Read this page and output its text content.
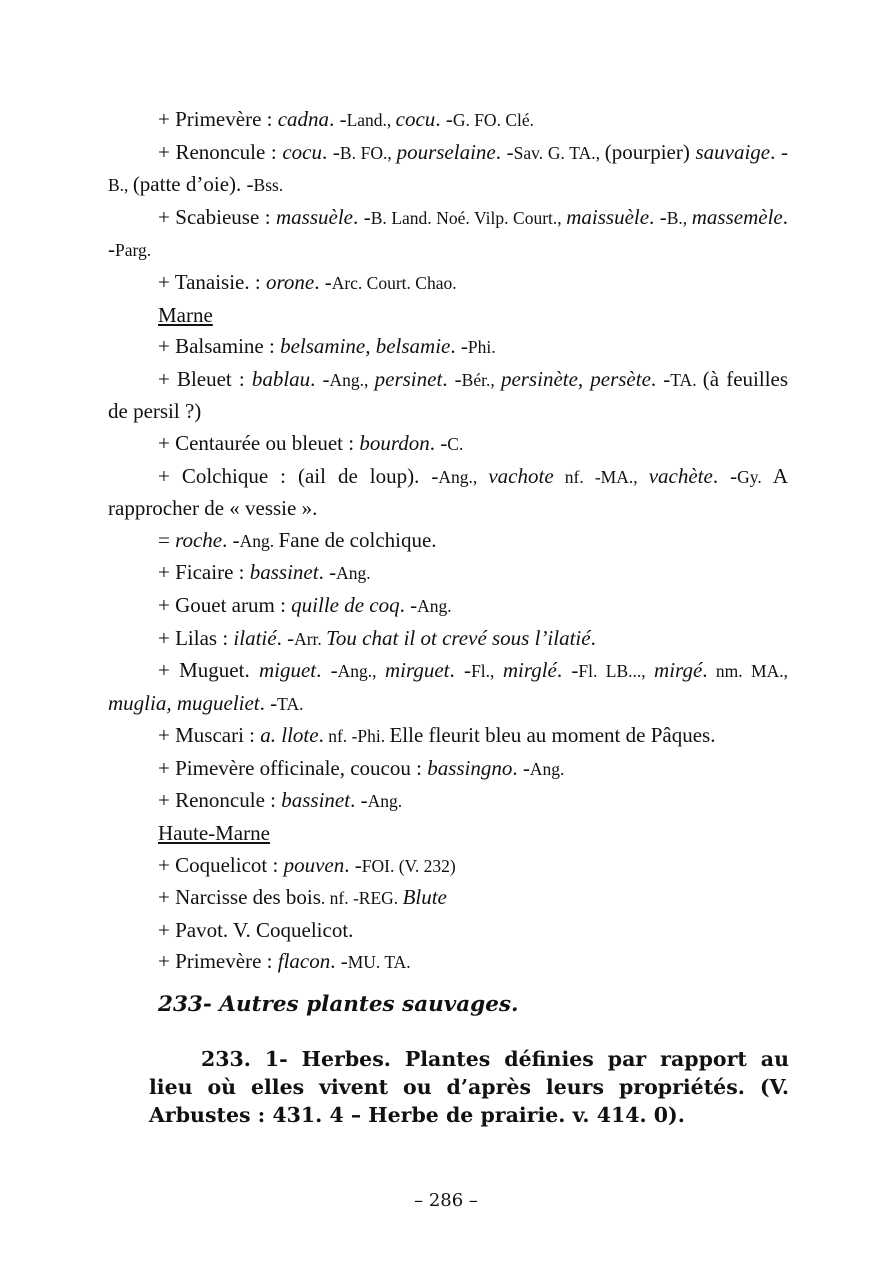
+ Primevère : cadna. -Land., cocu. -G. FO. Clé.
+ Renoncule : cocu. -B. FO., pourselaine. -Sav. G. TA., (pourpier) sauvaige. -B., (patte d’oie). -Bss.
+ Scabieuse : massuèle. -B. Land. Noé. Vilp. Court., maissuèle. -B., massemèle. -Parg.
+ Tanaisie. : orone. -Arc. Court. Chao.
Marne
+ Balsamine : belsamine, belsamie. -Phi.
+ Bleuet : bablau. -Ang., persinet. -Bér., persinète, persète. -TA. (à feuilles de persil ?)
+ Centaurée ou bleuet : bourdon. -C.
+ Colchique : (ail de loup). -Ang., vachote nf. -MA., vachète. -Gy. A rapprocher de « vessie ».
= roche. -Ang. Fane de colchique.
+ Ficaire : bassinet. -Ang.
+ Gouet arum : quille de coq. -Ang.
+ Lilas : ilatié. -Arr. Tou chat il ot crevé sous l’ilatié.
+ Muguet. miguet. -Ang., mirguet. -Fl., mirglé. -Fl. LB..., mirgé. nm. MA., muglia, mugueliet. -TA.
+ Muscari : a. llote. nf. -Phi. Elle fleurit bleu au moment de Pâques.
+ Pimevère officinale, coucou : bassingno. -Ang.
+ Renoncule : bassinet. -Ang.
Haute-Marne
+ Coquelicot : pouven. -FOI. (V. 232)
+ Narcisse des bois. nf. -REG. Blute
+ Pavot. V. Coquelicot.
+ Primevère : flacon. -MU. TA.
233- Autres plantes sauvages.
233. 1- Herbes. Plantes définies par rapport au lieu où elles vivent ou d’après leurs propriétés. (V. Arbustes : 431. 4 – Herbe de prairie. v. 414. 0).
– 286 –
